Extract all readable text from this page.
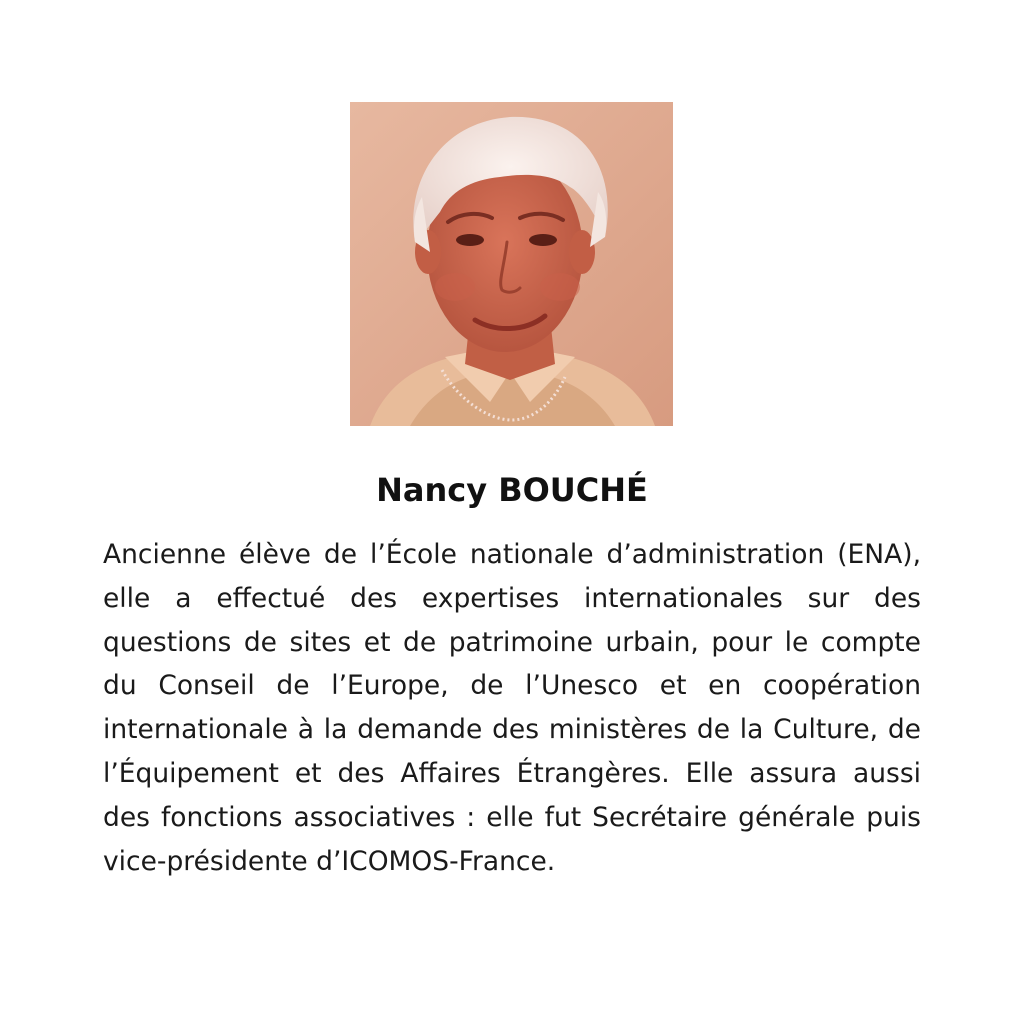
Nancy BOUCHÉ

Ancienne élève de l’École nationale d’administration (ENA), elle a effectué des expertises internationales sur des questions de sites et de patrimoine urbain, pour le compte du Conseil de l’Europe, de l’Unesco et en coopération internationale à la demande des ministères de la Culture, de l’Équipement et des Affaires Étrangères. Elle assura aussi des fonctions associatives : elle fut Secrétaire générale puis vice-présidente d’ICOMOS-France.
